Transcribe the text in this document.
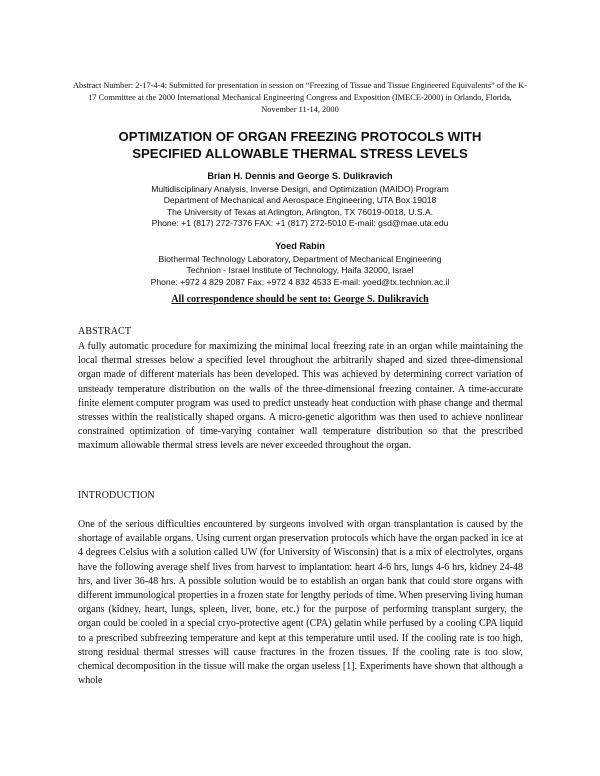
Abstract Number: 2-17-4-4: Submitted for presentation in session on “Freezing of Tissue and Tissue Engineered Equivalents” of the K-17 Committee at the 2000 International Mechanical Engineering Congress and Exposition (IMECE-2000) in Orlando, Florida, November 11-14, 2000
OPTIMIZATION OF ORGAN FREEZING PROTOCOLS WITH
SPECIFIED ALLOWABLE THERMAL STRESS LEVELS
Brian H. Dennis and George S. Dulikravich
Multidisciplinary Analysis, Inverse Design, and Optimization (MAIDO) Program
Department of Mechanical and Aerospace Engineering, UTA Box 19018
The University of Texas at Arlington, Arlington, TX 76019-0018, U.S.A.
Phone: +1 (817) 272-7376 FAX: +1 (817) 272-5010 E-mail: gsd@mae.uta.edu
Yoed Rabin
Biothermal Technology Laboratory, Department of Mechanical Engineering
Technion - Israel Institute of Technology, Haifa 32000, Israel
Phone: +972 4 829 2087 Fax: +972 4 832 4533 E-mail: yoed@tx.technion.ac.il
All correspondence should be sent to: George S. Dulikravich
ABSTRACT

A fully automatic procedure for maximizing the minimal local freezing rate in an organ while maintaining the local thermal stresses below a specified level throughout the arbitrarily shaped and sized three-dimensional organ made of different materials has been developed. This was achieved by determining correct variation of unsteady temperature distribution on the walls of the three-dimensional freezing container. A time-accurate finite element computer program was used to predict unsteady heat conduction with phase change and thermal stresses within the realistically shaped organs. A micro-genetic algorithm was then used to achieve nonlinear constrained optimization of time-varying container wall temperature distribution so that the prescribed maximum allowable thermal stress levels are never exceeded throughout the organ.

INTRODUCTION

One of the serious difficulties encountered by surgeons involved with organ transplantation is caused by the shortage of available organs. Using current organ preservation protocols which have the organ packed in ice at 4 degrees Celsius with a solution called UW (for University of Wisconsin) that is a mix of electrolytes, organs have the following average shelf lives from harvest to implantation: heart 4-6 hrs, lungs 4-6 hrs, kidney 24-48 hrs, and liver 36-48 hrs. A possible solution would be to establish an organ bank that could store organs with different immunological properties in a frozen state for lengthy periods of time. When preserving living human organs (kidney, heart, lungs, spleen, liver, bone, etc.) for the purpose of performing transplant surgery, the organ could be cooled in a special cryo-protective agent (CPA) gelatin while perfused by a cooling CPA liquid to a prescribed subfreezing temperature and kept at this temperature until used. If the cooling rate is too high, strong residual thermal stresses will cause fractures in the frozen tissues. If the cooling rate is too slow, chemical decomposition in the tissue will make the organ useless [1]. Experiments have shown that although a whole
